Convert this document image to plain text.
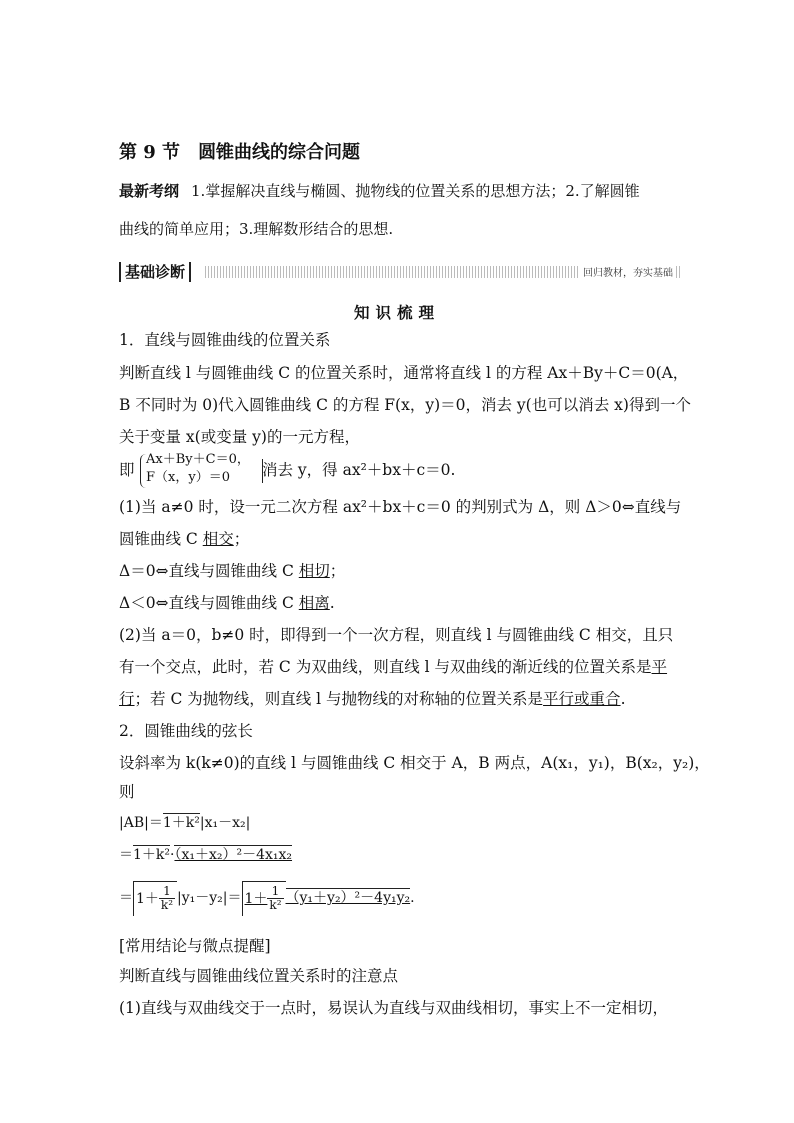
第 9 节 圆锥曲线的综合问题
最新考纲 1.掌握解决直线与椭圆、抛物线的位置关系的思想方法；2.了解圆锥
曲线的简单应用；3.理解数形结合的思想.
基础诊断	回归教材，夯实基础
知识梳理
1．直线与圆锥曲线的位置关系
判断直线 l 与圆锥曲线 C 的位置关系时，通常将直线 l 的方程 Ax＋By＋C＝0(A，
B 不同时为 0)代入圆锥曲线 C 的方程 F(x，y)＝0，消去 y(也可以消去 x)得到一个
关于变量 x(或变量 y)的一元方程，
即
Ax＋By＋C＝0，
F（x，y）＝0 消去 y，得 ax²＋bx＋c＝0.
(1)当 a≠0 时，设一元二次方程 ax²＋bx＋c＝0 的判别式为 Δ，则 Δ＞0⇔直线与
圆锥曲线 C 相交；
Δ＝0⇔直线与圆锥曲线 C 相切；
Δ＜0⇔直线与圆锥曲线 C 相离.
(2)当 a＝0，b≠0 时，即得到一个一次方程，则直线 l 与圆锥曲线 C 相交，且只
有一个交点，此时，若 C 为双曲线，则直线 l 与双曲线的渐近线的位置关系是平
行；若 C 为抛物线，则直线 l 与抛物线的对称轴的位置关系是平行或重合.
2．圆锥曲线的弦长
设斜率为 k(k≠0)的直线 l 与圆锥曲线 C 相交于 A，B 两点，A(x₁，y₁)，B(x₂，y₂)，
则
|AB|＝1＋k²|x₁－x₂|
＝1＋k²·（x₁＋x₂）²－4x₁x₂
＝ $1+ \frac{1}{\text{k²}} |y_1-y_2|= 1+ \frac{1}{\text{k²}} (y_1+y_2)^2-4y_1y_2$.
[常用结论与微点提醒]
判断直线与圆锥曲线位置关系时的注意点
(1)直线与双曲线交于一点时，易误认为直线与双曲线相切，事实上不一定相切，
